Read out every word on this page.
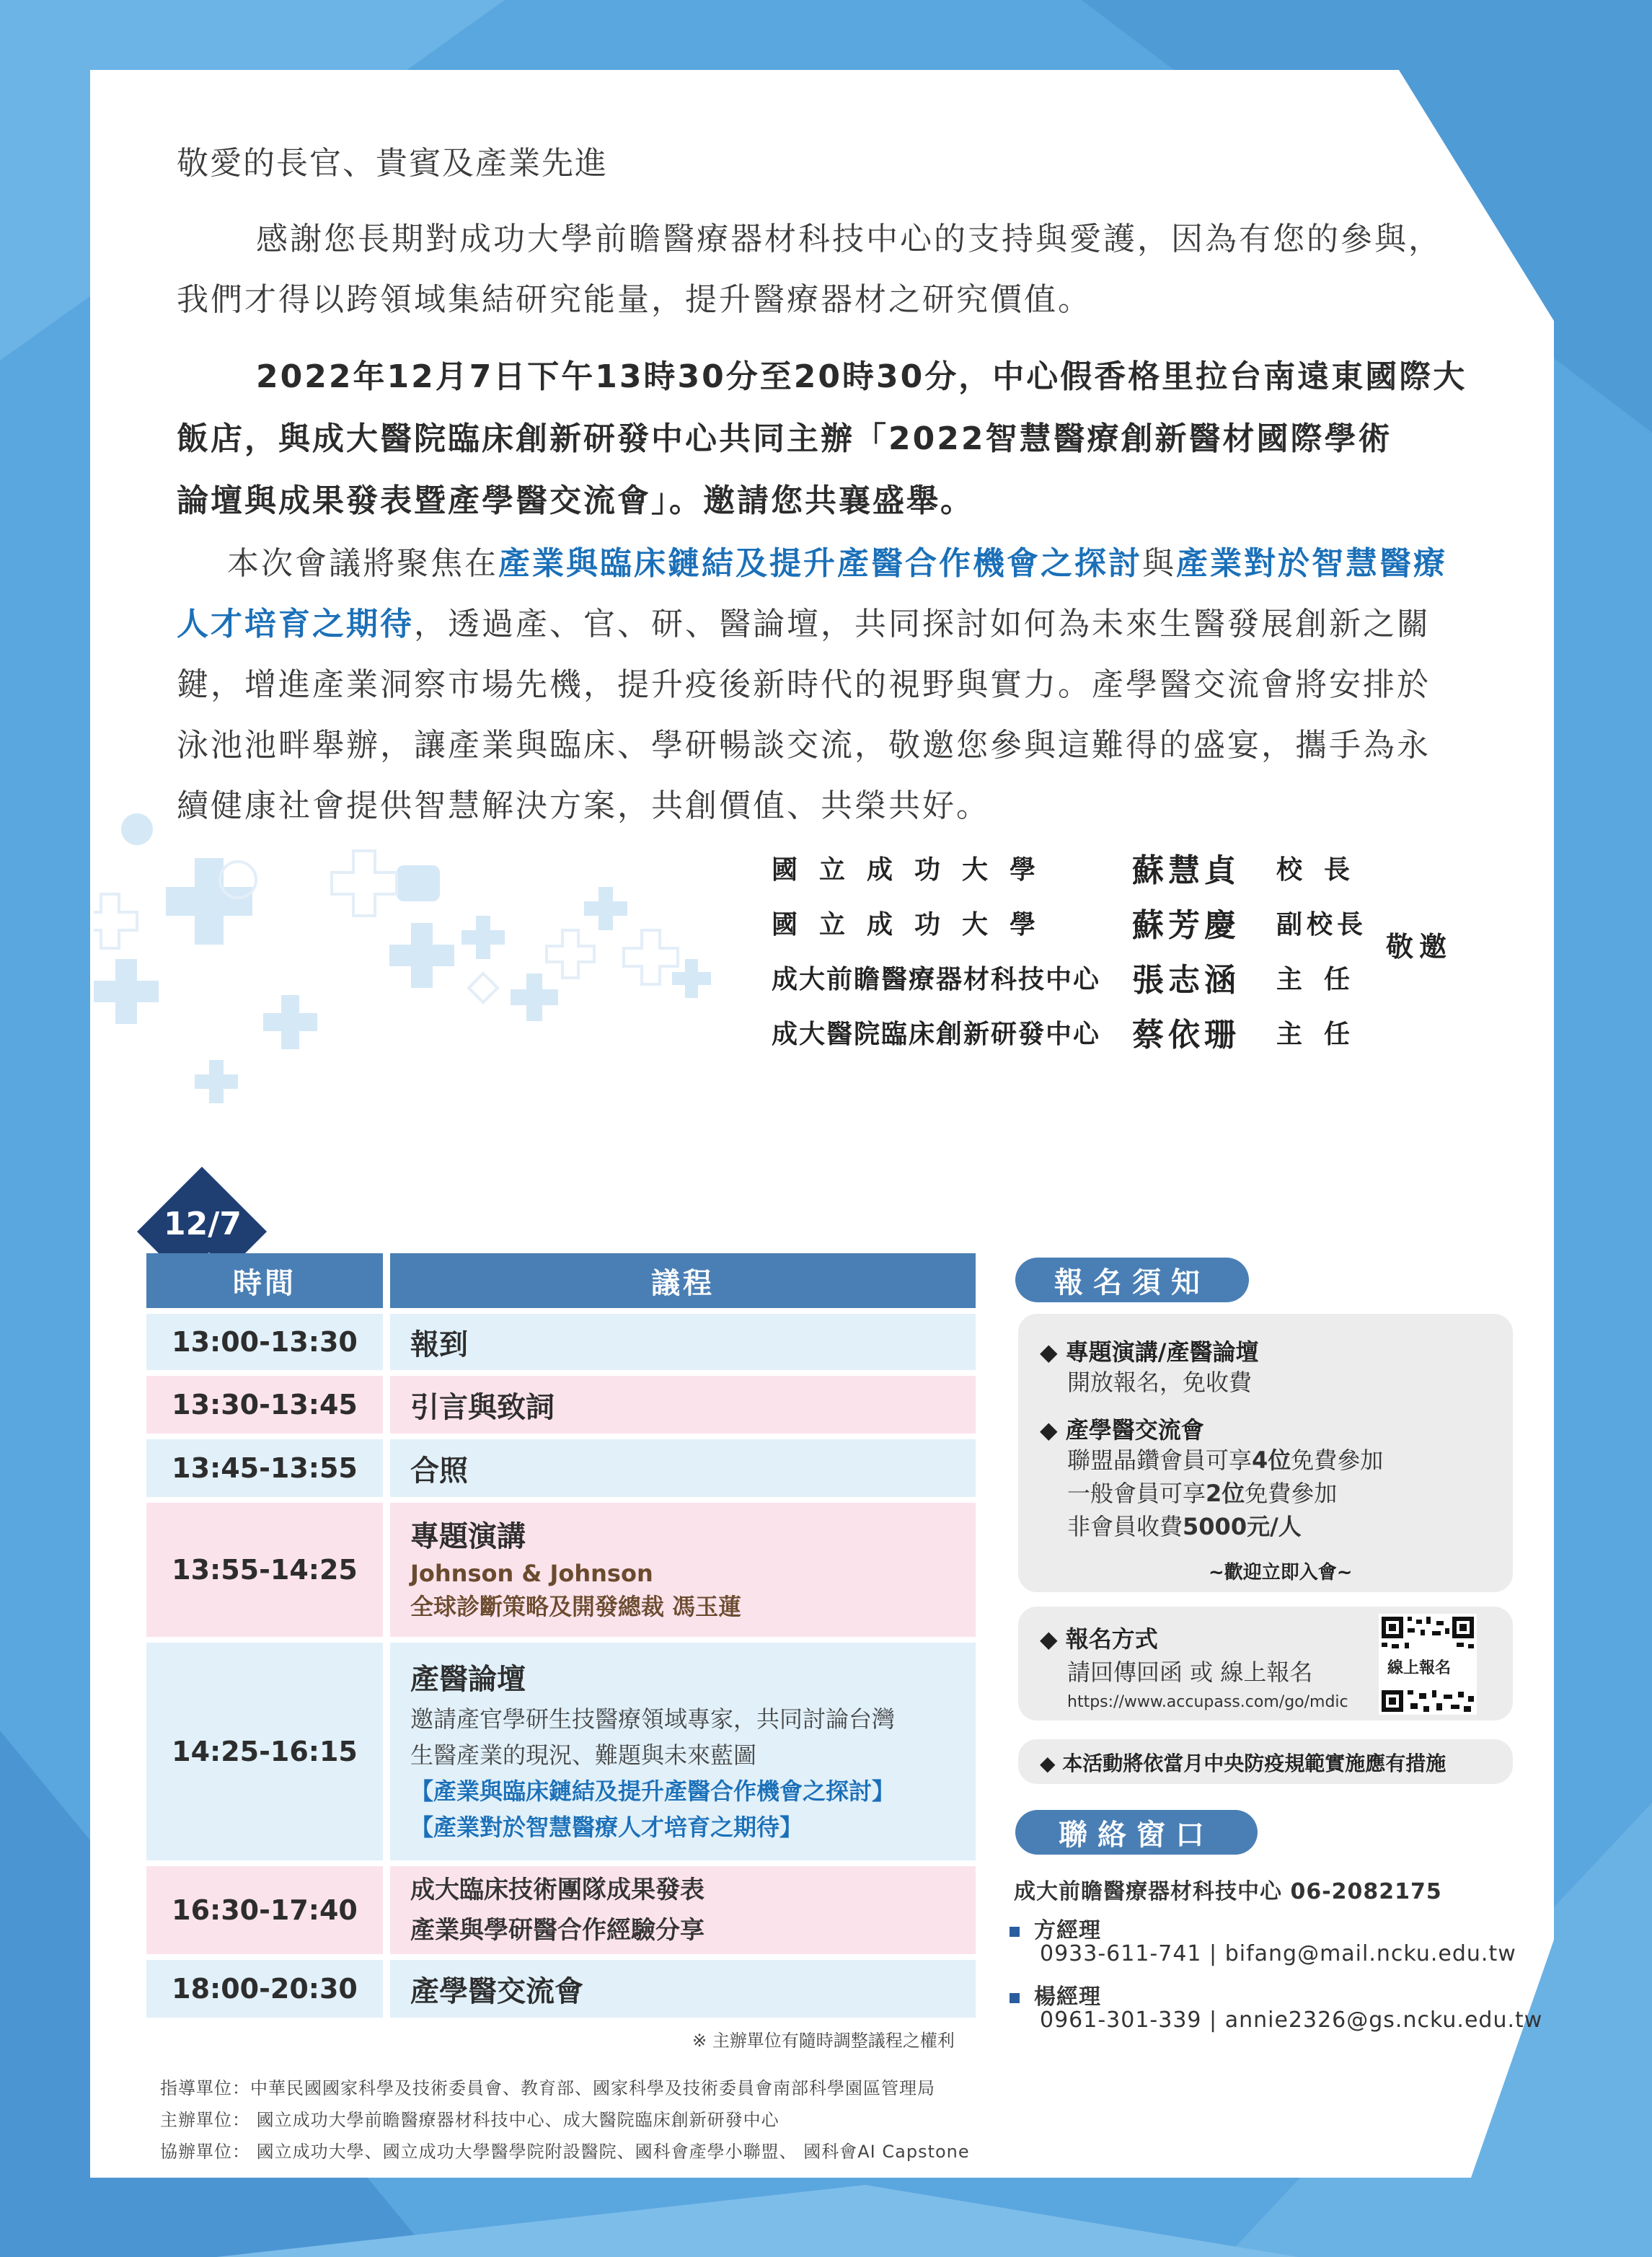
敬愛的長官、貴賓及產業先進

感謝您長期對成功大學前瞻醫療器材科技中心的支持與愛護，因為有您的參與，

我們才得以跨領域集結研究能量，提升醫療器材之研究價值。

2022年12月7日下午13時30分至20時30分，中心假香格里拉台南遠東國際大

飯店，與成大醫院臨床創新研發中心共同主辦「2022智慧醫療創新醫材國際學術

論壇與成果發表暨產學醫交流會」。邀請您共襄盛舉。

本次會議將聚焦在產業與臨床鏈結及提升產醫合作機會之探討與產業對於智慧醫療

人才培育之期待，透過產、官、研、醫論壇，共同探討如何為未來生醫發展創新之關

鍵，增進產業洞察市場先機，提升疫後新時代的視野與實力。產學醫交流會將安排於

泳池池畔舉辦，讓產業與臨床、學研暢談交流，敬邀您參與這難得的盛宴，攜手為永

續健康社會提供智慧解決方案，共創價值、共榮共好。

國立成功大學	蘇慧貞	校長
國立成功大學	蘇芳慶	副校長
成大前瞻醫療器材科技中心 張志涵	主任
成大醫院臨床創新研發中心 蔡依珊	主任
敬邀
12/7
時間	議程
13:00-13:30	報到
13:30-13:45	引言與致詞
13:45-13:55	合照
13:55-14:25
專題演講
Johnson & Johnson
全球診斷策略及開發總裁 馮玉蓮
14:25-16:15
產醫論壇
邀請產官學研生技醫療領域專家，共同討論台灣
生醫產業的現況、難題與未來藍圖
【產業與臨床鏈結及提升產醫合作機會之探討】
【產業對於智慧醫療人才培育之期待】
16:30-17:40
成大臨床技術團隊成果發表
產業與學研醫合作經驗分享
18:00-20:30	產學醫交流會
※ 主辦單位有隨時調整議程之權利
指導單位：中華民國國家科學及技術委員會、教育部、國家科學及技術委員會南部科學園區管理局
主辦單位： 國立成功大學前瞻醫療器材科技中心、成大醫院臨床創新研發中心
協辦單位： 國立成功大學、國立成功大學醫學院附設醫院、國科會產學小聯盟、 國科會AI Capstone
報名須知
◆ 專題演講/產醫論壇
開放報名，免收費
◆ 產學醫交流會
聯盟晶鑽會員可享4位免費參加
一般會員可享2位免費參加
非會員收費5000元/人
~歡迎立即入會~
◆ 報名方式
請回傳回函 或 線上報名
https://www.accupass.com/go/mdic
線上報名
◆ 本活動將依當月中央防疫規範實施應有措施
聯絡窗口
成大前瞻醫療器材科技中心 06-2082175
方經理
0933-611-741 | bifang@mail.ncku.edu.tw
楊經理
0961-301-339 | annie2326@gs.ncku.edu.tw
